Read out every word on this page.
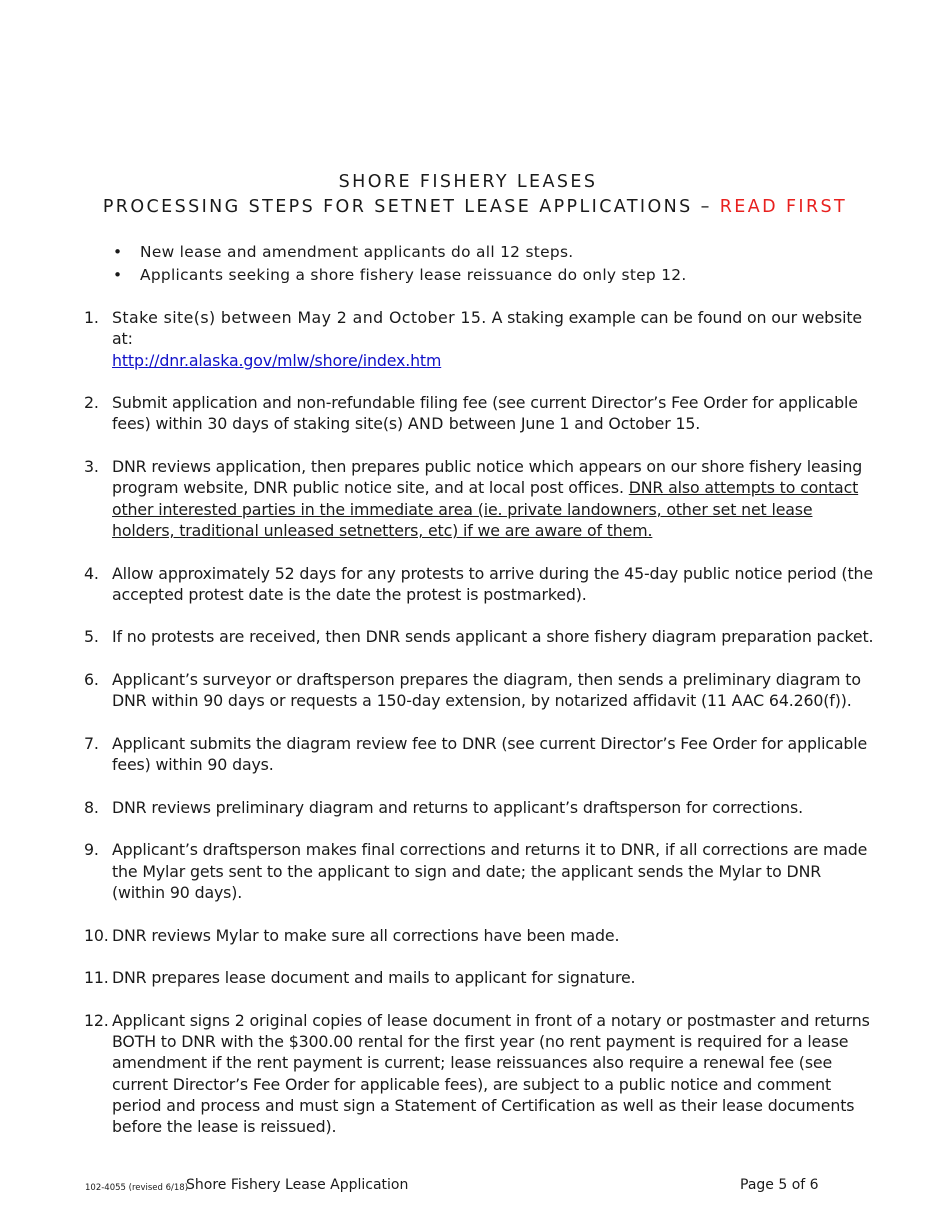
SHORE FISHERY LEASES
PROCESSING STEPS FOR SETNET LEASE APPLICATIONS – READ FIRST
• New lease and amendment applicants do all 12 steps.
• Applicants seeking a shore fishery lease reissuance do only step 12.
1. Stake site(s) between May 2 and October 15. A staking example can be found on our website at:
http://dnr.alaska.gov/mlw/shore/index.htm
2. Submit application and non-refundable filing fee (see current Director’s Fee Order for applicable fees) within 30 days of staking site(s) AND between June 1 and October 15.
3. DNR reviews application, then prepares public notice which appears on our shore fishery leasing program website, DNR public notice site, and at local post offices. DNR also attempts to contact other interested parties in the immediate area (ie. private landowners, other set net lease holders, traditional unleased setnetters, etc) if we are aware of them.
4. Allow approximately 52 days for any protests to arrive during the 45-day public notice period (the accepted protest date is the date the protest is postmarked).
5. If no protests are received, then DNR sends applicant a shore fishery diagram preparation packet.
6. Applicant’s surveyor or draftsperson prepares the diagram, then sends a preliminary diagram to DNR within 90 days or requests a 150-day extension, by notarized affidavit (11 AAC 64.260(f)).
7. Applicant submits the diagram review fee to DNR (see current Director’s Fee Order for applicable fees) within 90 days.
8. DNR reviews preliminary diagram and returns to applicant’s draftsperson for corrections.
9. Applicant’s draftsperson makes final corrections and returns it to DNR, if all corrections are made the Mylar gets sent to the applicant to sign and date; the applicant sends the Mylar to DNR (within 90 days).
10. DNR reviews Mylar to make sure all corrections have been made.
11. DNR prepares lease document and mails to applicant for signature.
12. Applicant signs 2 original copies of lease document in front of a notary or postmaster and returns BOTH to DNR with the $300.00 rental for the first year (no rent payment is required for a lease amendment if the rent payment is current; lease reissuances also require a renewal fee (see current Director’s Fee Order for applicable fees), are subject to a public notice and comment period and process and must sign a Statement of Certification as well as their lease documents before the lease is reissued).
102-4055 (revised 6/18)
Shore Fishery Lease Application	Page 5 of 6
